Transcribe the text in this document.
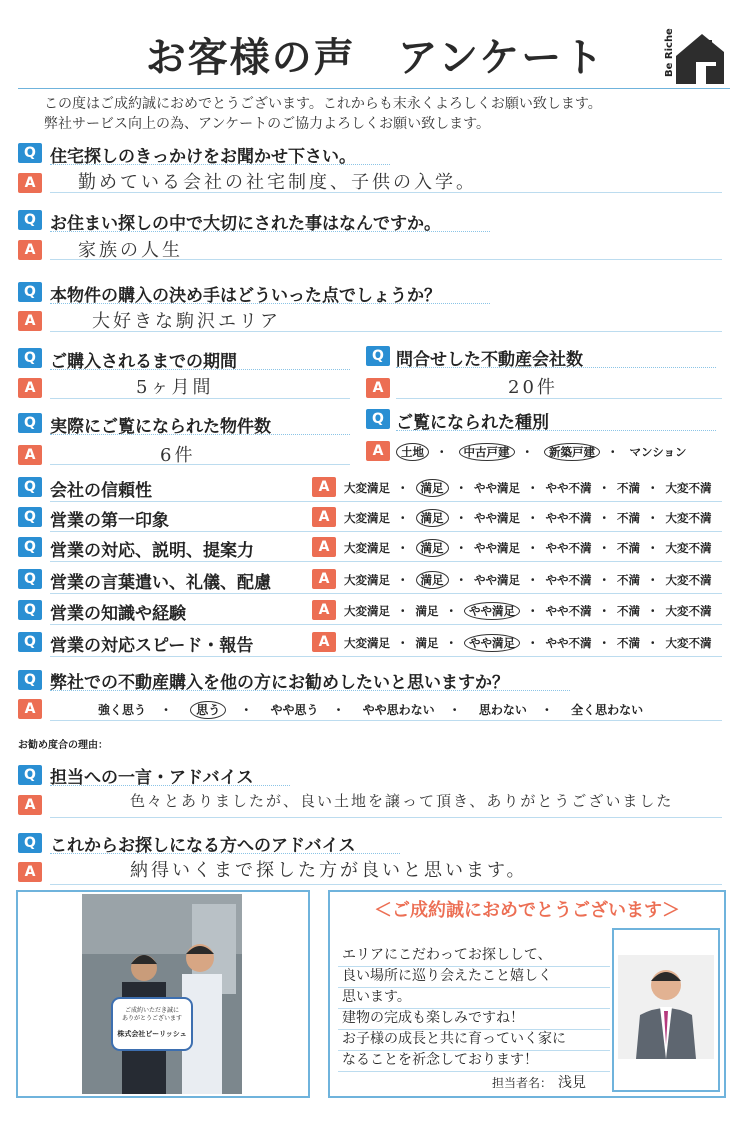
お客様の声　アンケート	Be Riche
この度はご成約誠におめでとうございます。これからも末永くよろしくお願い致します。
弊社サービス向上の為、アンケートのご協力よろしくお願い致します。
Q 住宅探しのきっかけをお聞かせ下さい。
A	勤めている会社の社宅制度、子供の入学。
Q お住まい探しの中で大切にされた事はなんですか。
A	家族の人生
Q 本物件の購入の決め手はどういった点でしょうか？
A	大好きな駒沢エリア
Q ご購入されるまでの期間
A	5ヶ月間
Q 問合せした不動産会社数
A	20件
Q 実際にご覧になられた物件数
A	6件
Q ご覧になられた種別
A	土地 ・ 中古戸建 ・ 新築戸建 ・ マンション
Q 会社の信頼性	A	大変満足 ・ 満足 ・ やや満足 ・ やや不満 ・ 不満 ・ 大変不満
Q 営業の第一印象	A	大変満足 ・ 満足 ・ やや満足 ・ やや不満 ・ 不満 ・ 大変不満
Q 営業の対応、説明、提案力	A	大変満足 ・ 満足 ・ やや満足 ・ やや不満 ・ 不満 ・ 大変不満
Q 営業の言葉遣い、礼儀、配慮	A	大変満足 ・ 満足 ・ やや満足 ・ やや不満 ・ 不満 ・ 大変不満
Q 営業の知識や経験	A	大変満足 ・ 満足 ・ やや満足 ・ やや不満 ・ 不満 ・ 大変不満
Q 営業の対応スピード・報告	A	大変満足 ・ 満足 ・ やや満足 ・ やや不満 ・ 不満 ・ 大変不満
Q 弊社での不動産購入を他の方にお勧めしたいと思いますか？
A	強く思う ・ 思う ・ やや思う ・ やや思わない ・ 思わない ・ 全く思わない
お勧め度合の理由：
Q 担当への一言・アドバイス
A	色々とありましたが、良い土地を譲って頂き、ありがとうございました
Q これからお探しになる方へのアドバイス
A	納得いくまで探した方が良いと思います。
ご成約いただき誠に
ありがとうございます
株式会社ビーリッシュ
＜ご成約誠におめでとうございます＞
エリアにこだわってお探しして、
良い場所に巡り会えたこと嬉しく
思います。
建物の完成も楽しみですね！
お子様の成長と共に育っていく家に
なることを祈念しております！
担当者名： 浅見
